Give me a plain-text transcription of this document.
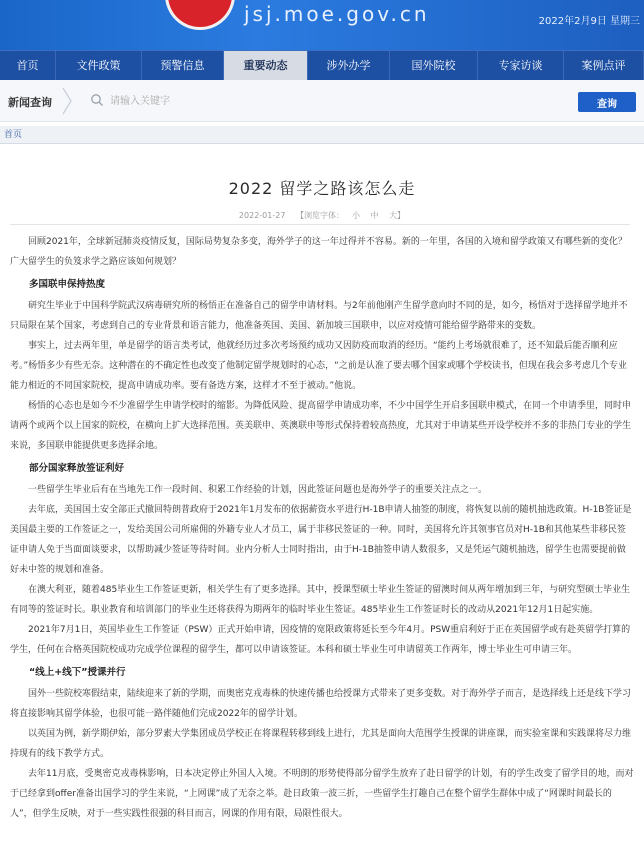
jsj.moe.gov.cn	2022年2月9日 星期三
首页	文件政策	预警信息	重要动态	涉外办学	国外院校	专家访谈	案例点评
新闻查询
请输入关键字	查询
首页
2022 留学之路该怎么走
2022-01-27 【浏览字体： 小 中 大】

回顾2021年，全球新冠肺炎疫情反复，国际局势复杂多变，海外学子的这一年过得并不容易。新的一年里，各国的入境和留学政策又有哪些新的变化？广大留学生的负笈求学之路应该如何规划？

多国联申保持热度

研究生毕业于中国科学院武汉病毒研究所的杨悟正在准备自己的留学申请材料。与2年前他刚产生留学意向时不同的是，如今，杨悟对于选择留学地并不只局限在某个国家，考虑到自己的专业背景和语言能力，他准备英国、美国、新加坡三国联申，以应对疫情可能给留学路带来的变数。

事实上，过去两年里，单是留学的语言类考试，他就经历过多次考场预约成功又因防疫而取消的经历。“能约上考场就很难了，还不知最后能否顺利应考。”杨悟多少有些无奈。这种潜在的不确定性也改变了他制定留学规划时的心态，“之前是认准了要去哪个国家或哪个学校读书，但现在我会多考虑几个专业能力相近的不同国家院校，提高申请成功率。要有备选方案，这样才不至于被动。”他说。

杨悟的心态也是如今不少准留学生申请学校时的缩影。为降低风险、提高留学申请成功率，不少中国学生开启多国联申模式，在同一个申请季里，同时申请两个或两个以上国家的院校，在横向上扩大选择范围。英美联申、英澳联申等形式保持着较高热度，尤其对于申请某些开设学校并不多的非热门专业的学生来说，多国联申能提供更多选择余地。

部分国家释放签证利好

一些留学生毕业后有在当地先工作一段时间、积累工作经验的计划，因此签证问题也是海外学子的重要关注点之一。

去年底，美国国土安全部正式撤回特朗普政府于2021年1月发布的依据薪资水平进行H-1B申请人抽签的制度，将恢复以前的随机抽选政策。H-1B签证是美国最主要的工作签证之一，发给美国公司所雇佣的外籍专业人才员工，属于非移民签证的一种。同时，美国将允许其领事官员对H-1B和其他某些非移民签证申请人免于当面面谈要求，以帮助减少签证等待时间。业内分析人士同时指出，由于H-1B抽签申请人数很多，又是凭运气随机抽选，留学生也需要提前做好未中签的规划和准备。

在澳大利亚，随着485毕业生工作签证更新，相关学生有了更多选择。其中，授课型硕士毕业生签证的留澳时间从两年增加到三年，与研究型硕士毕业生有同等的签证时长。职业教育和培训部门的毕业生还将获得为期两年的临时毕业生签证。485毕业生工作签证时长的改动从2021年12月1日起实施。

2021年7月1日，英国毕业生工作签证（PSW）正式开始申请，因疫情的宽限政策将延长至今年4月。PSW重启利好于正在英国留学或有赴英留学打算的学生，任何在合格英国院校成功完成学位课程的留学生，都可以申请该签证。本科和硕士毕业生可申请留英工作两年，博士毕业生可申请三年。

“线上+线下”授课并行

国外一些院校寒假结束，陆续迎来了新的学期，而奥密克戎毒株的快速传播也给授课方式带来了更多变数。对于海外学子而言，是选择线上还是线下学习将直接影响其留学体验，也很可能一路伴随他们完成2022年的留学计划。

以英国为例，新学期伊始，部分罗素大学集团成员学校正在将课程转移到线上进行，尤其是面向大范围学生授课的讲座课，而实验室课和实践课将尽力维持现有的线下教学方式。

去年11月底，受奥密克戎毒株影响，日本决定停止外国人入境。不明朗的形势使得部分留学生放弃了赴日留学的计划，有的学生改变了留学目的地，而对于已经拿到offer准备出国学习的学生来说，“上网课”成了无奈之举。赴日政策一波三折，一些留学生打趣自己在整个留学生群体中成了“网课时间最长的人”，但学生反映，对于一些实践性很强的科目而言，网课的作用有限，局限性很大。
